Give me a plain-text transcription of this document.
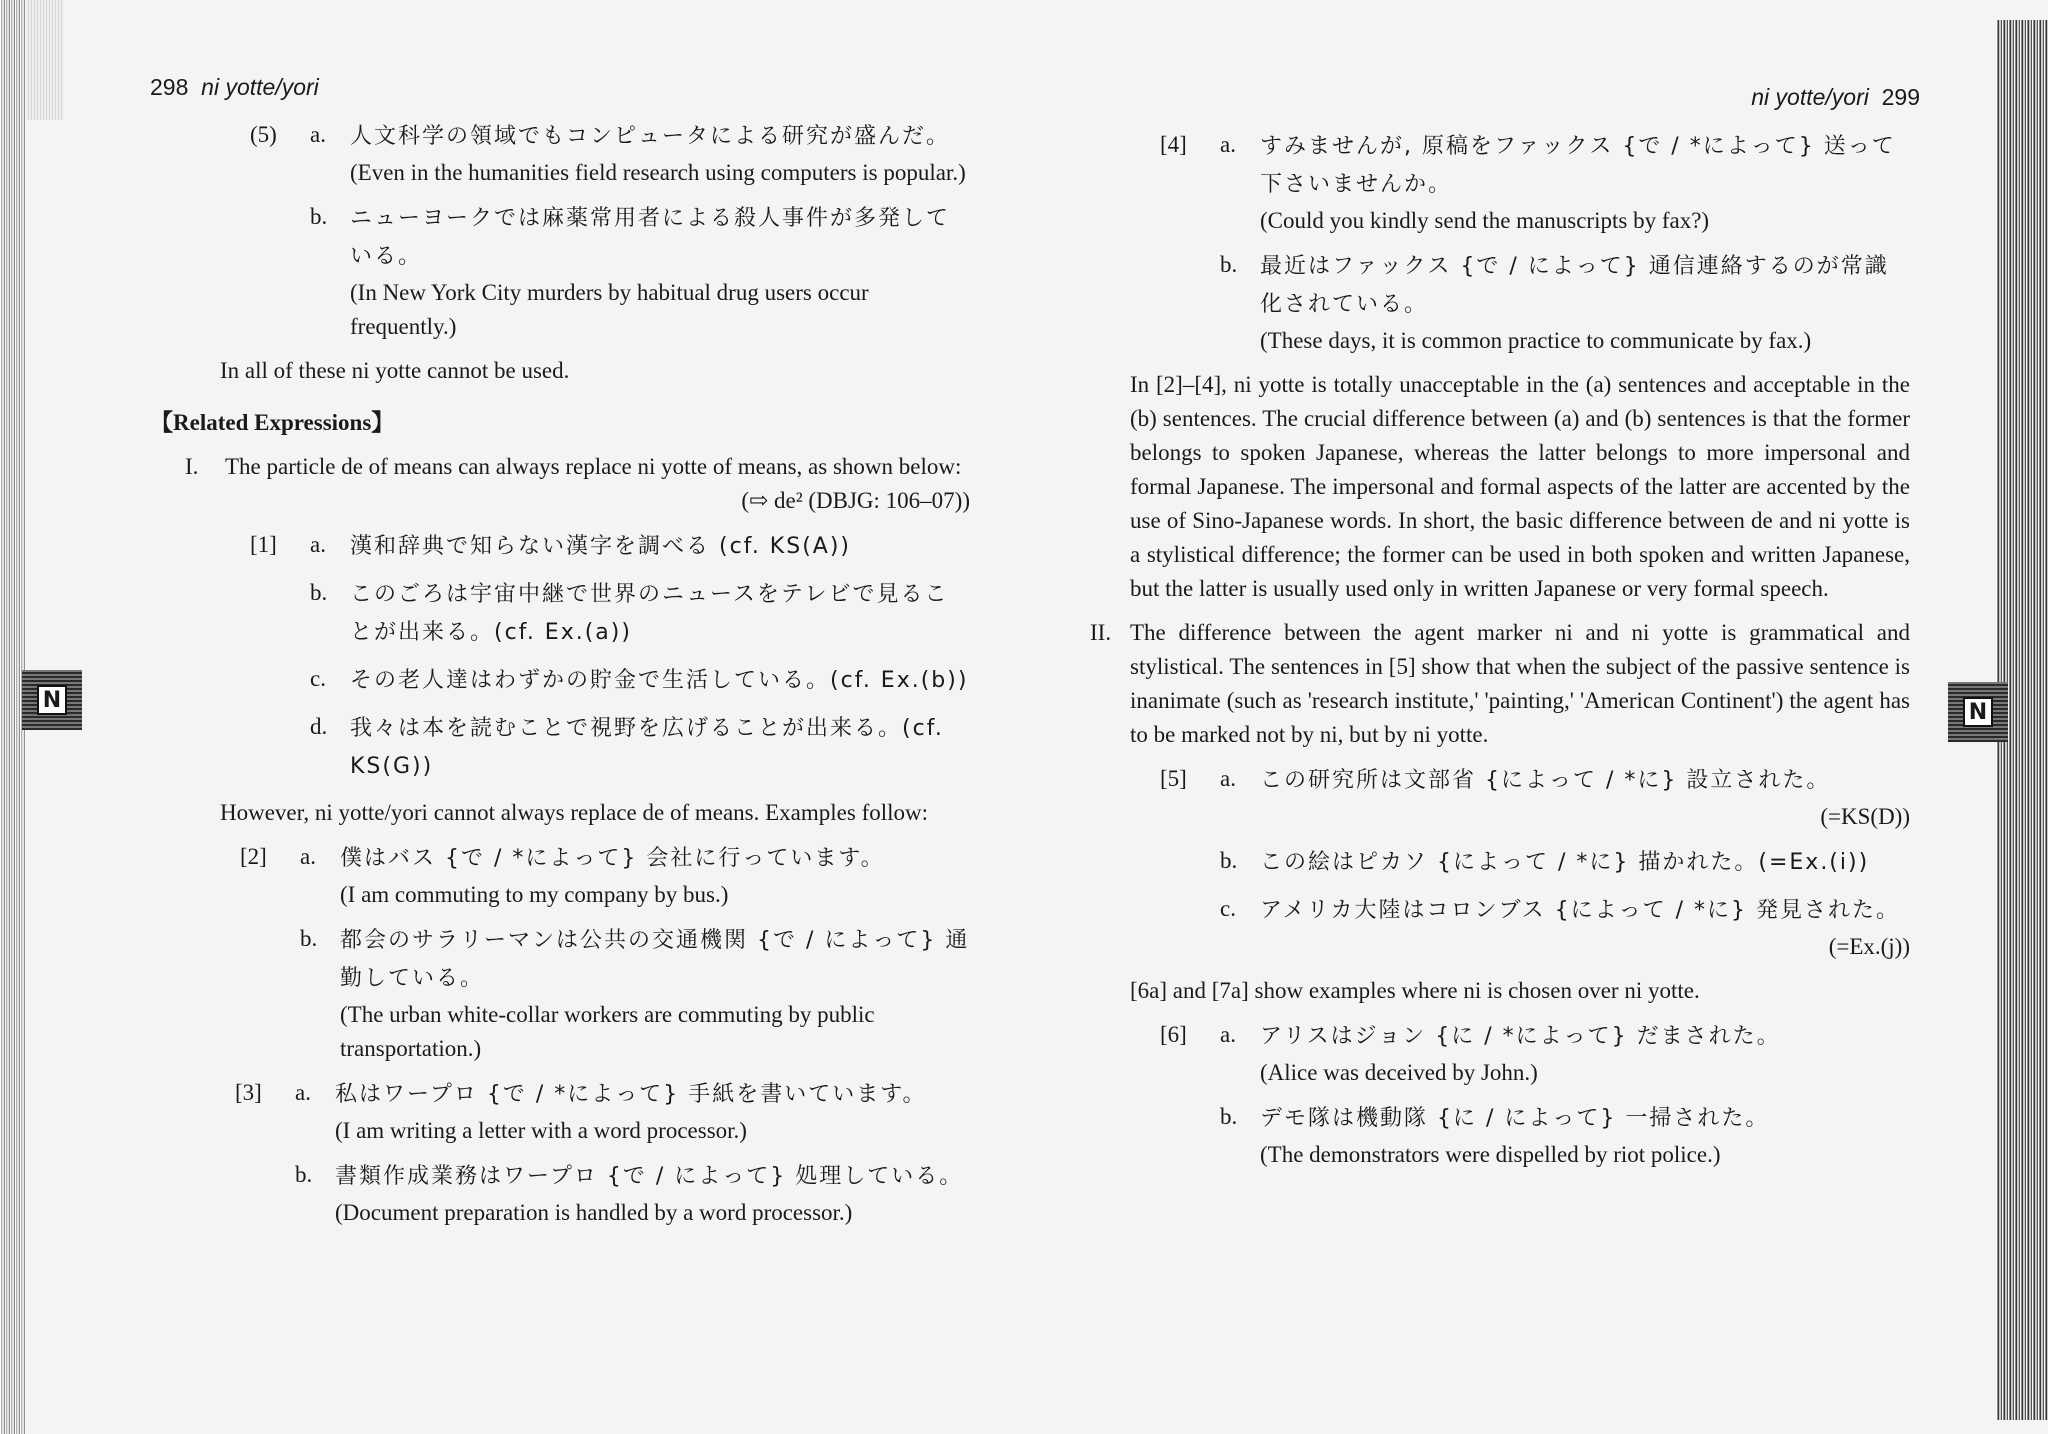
N	N
298 ni yotte/yori
(5)	a.	人文科学の領域でもコンピュータによる研究が盛んだ。
(Even in the humanities field research using computers is popular.)
b.	ニューヨークでは麻薬常用者による殺人事件が多発している。
(In New York City murders by habitual drug users occur frequently.)
In all of these ni yotte cannot be used.
【Related Expressions】
I.	The particle de of means can always replace ni yotte of means, as shown below:
(⇨ de² (DBJG: 106–07))
[1]	a.	漢和辞典で知らない漢字を調べる (cf. KS(A))
b.	このごろは宇宙中継で世界のニュースをテレビで見ることが出来る。(cf. Ex.(a))
c.	その老人達はわずかの貯金で生活している。(cf. Ex.(b))
d.	我々は本を読むことで視野を広げることが出来る。(cf. KS(G))
However, ni yotte/yori cannot always replace de of means. Examples follow:
[2]	a.	僕はバス {で / *によって} 会社に行っています。
(I am commuting to my company by bus.)
b.	都会のサラリーマンは公共の交通機関 {で / によって} 通勤している。
(The urban white-collar workers are commuting by public transportation.)
[3]	a.	私はワープロ {で / *によって} 手紙を書いています。
(I am writing a letter with a word processor.)
b.	書類作成業務はワープロ {で / によって} 処理している。
(Document preparation is handled by a word processor.)
ni yotte/yori 299
[4]	a.	すみませんが, 原稿をファックス {で / *によって} 送って下さいませんか。
(Could you kindly send the manuscripts by fax?)
b.	最近はファックス {で / によって} 通信連絡するのが常識化されている。
(These days, it is common practice to communicate by fax.)
In [2]–[4], ni yotte is totally unacceptable in the (a) sentences and acceptable in the (b) sentences. The crucial difference between (a) and (b) sentences is that the former belongs to spoken Japanese, whereas the latter belongs to more impersonal and formal Japanese. The impersonal and formal aspects of the latter are accented by the use of Sino-Japanese words. In short, the basic difference between de and ni yotte is a stylistical difference; the former can be used in both spoken and written Japanese, but the latter is usually used only in written Japanese or very formal speech.
II. The difference between the agent marker ni and ni yotte is grammatical and stylistical. The sentences in [5] show that when the subject of the passive sentence is inanimate (such as 'research institute,' 'painting,' 'American Continent') the agent has to be marked not by ni, but by ni yotte.
[5]	a.	この研究所は文部省 {によって / *に} 設立された。
(=KS(D))
b.	この絵はピカソ {によって / *に} 描かれた。(=Ex.(i))
c.	アメリカ大陸はコロンブス {によって / *に} 発見された。
(=Ex.(j))
[6a] and [7a] show examples where ni is chosen over ni yotte.
[6]	a.	アリスはジョン {に / *によって} だまされた。
(Alice was deceived by John.)
b.	デモ隊は機動隊 {に / によって} 一掃された。
(The demonstrators were dispelled by riot police.)
